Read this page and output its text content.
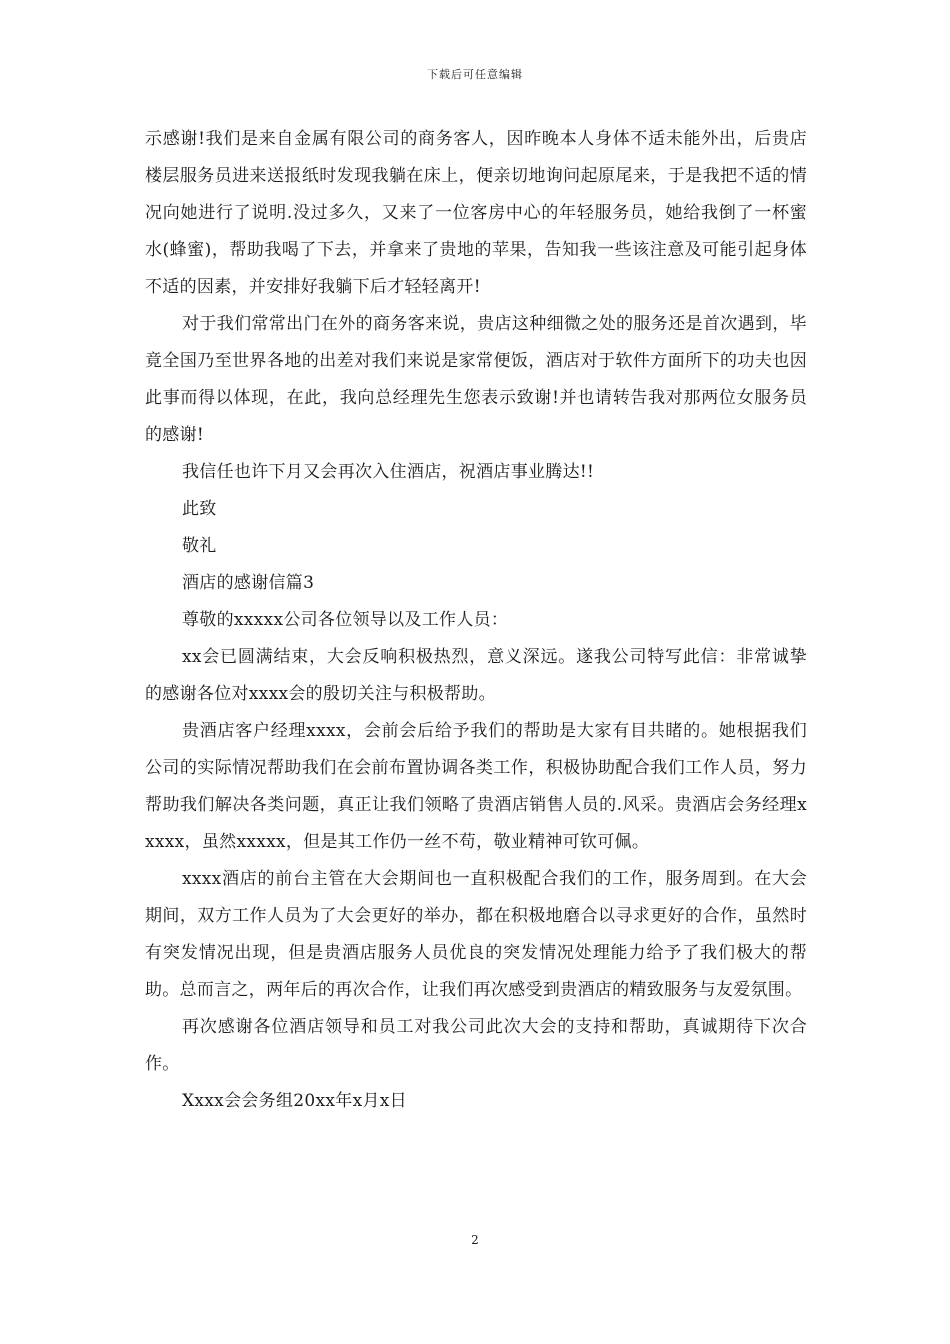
下载后可任意编辑

示感谢!我们是来自金属有限公司的商务客人，因昨晚本人身体不适未能外出，后贵店楼层服务员进来送报纸时发现我躺在床上，便亲切地询问起原尾来，于是我把不适的情况向她进行了说明.没过多久，又来了一位客房中心的年轻服务员，她给我倒了一杯蜜水(蜂蜜)，帮助我喝了下去，并拿来了贵地的苹果，告知我一些该注意及可能引起身体不适的因素，并安排好我躺下后才轻轻离开!

对于我们常常出门在外的商务客来说，贵店这种细微之处的服务还是首次遇到，毕竟全国乃至世界各地的出差对我们来说是家常便饭，酒店对于软件方面所下的功夫也因此事而得以体现，在此，我向总经理先生您表示致谢!并也请转告我对那两位女服务员的感谢!

我信任也许下月又会再次入住酒店，祝酒店事业腾达!!

此致

敬礼

酒店的感谢信篇3

尊敬的xxxxx公司各位领导以及工作人员：

xx会已圆满结束，大会反响积极热烈，意义深远。遂我公司特写此信：非常诚挚的感谢各位对xxxx会的殷切关注与积极帮助。

贵酒店客户经理xxxx，会前会后给予我们的帮助是大家有目共睹的。她根据我们公司的实际情况帮助我们在会前布置协调各类工作，积极协助配合我们工作人员，努力帮助我们解决各类问题，真正让我们领略了贵酒店销售人员的.风采。贵酒店会务经理xxxxx，虽然xxxxx，但是其工作仍一丝不苟，敬业精神可钦可佩。

xxxx酒店的前台主管在大会期间也一直积极配合我们的工作，服务周到。在大会期间，双方工作人员为了大会更好的举办，都在积极地磨合以寻求更好的合作，虽然时有突发情况出现，但是贵酒店服务人员优良的突发情况处理能力给予了我们极大的帮助。总而言之，两年后的再次合作，让我们再次感受到贵酒店的精致服务与友爱氛围。

再次感谢各位酒店领导和员工对我公司此次大会的支持和帮助，真诚期待下次合作。

Xxxx会会务组20xx年x月x日

2
